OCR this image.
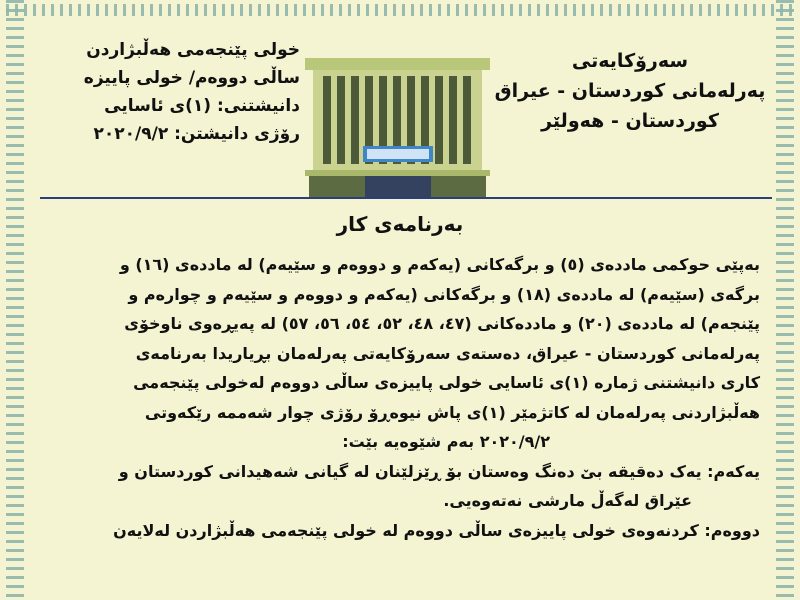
خولی پێنجەمی هەڵبژاردن
ساڵی دووەم/ خولی پاییزە
دانیشتنی: (١)ی ئاسایی
رۆژی دانیشتن: ٢٠٢٠/٩/٢
سەرۆکایەتی
پەرلەمانی کوردستان - عیراق
کوردستان - هەولێر
بەرنامەی کار

بەپێی حوکمی ماددەی (٥) و برگەکانی (یەکەم و دووەم و سێیەم) لە ماددەی (١٦) و

برگەی (سێیەم) لە ماددەی (١٨) و برگەکانی (یەکەم و دووەم و سێیەم و چوارەم و

پێنجەم) لە ماددەی (٢٠) و ماددەکانی (٤٧، ٤٨، ٥٢، ٥٤، ٥٦، ٥٧) لە پەیڕەوی ناوخۆی

پەرلەمانی کوردستان - عیراق، دەستەی سەرۆکایەتی پەرلەمان بڕیاریدا بەرنامەی

کاری دانیشتنی ژمارە (١)ی ئاسایی خولی پاییزەی ساڵی دووەم لەخولی پێنجەمی

هەڵبژاردنی پەرلەمان لە کاتژمێر (١)ی پاش نیوەڕۆ رۆژی چوار شەممە رێکەوتی

٢٠٢٠/٩/٢ بەم شێوەیە بێت:

یەکەم: یەک دەقیقە بێ دەنگ وەستان بۆ ڕێزلێنان لە گیانی شەهیدانی کوردستان و

عێراق لەگەڵ مارشی نەتەوەیی.

دووەم: کردنەوەی خولی پاییزەی ساڵی دووەم لە خولی پێنجەمی هەڵبژاردن لەلایەن
